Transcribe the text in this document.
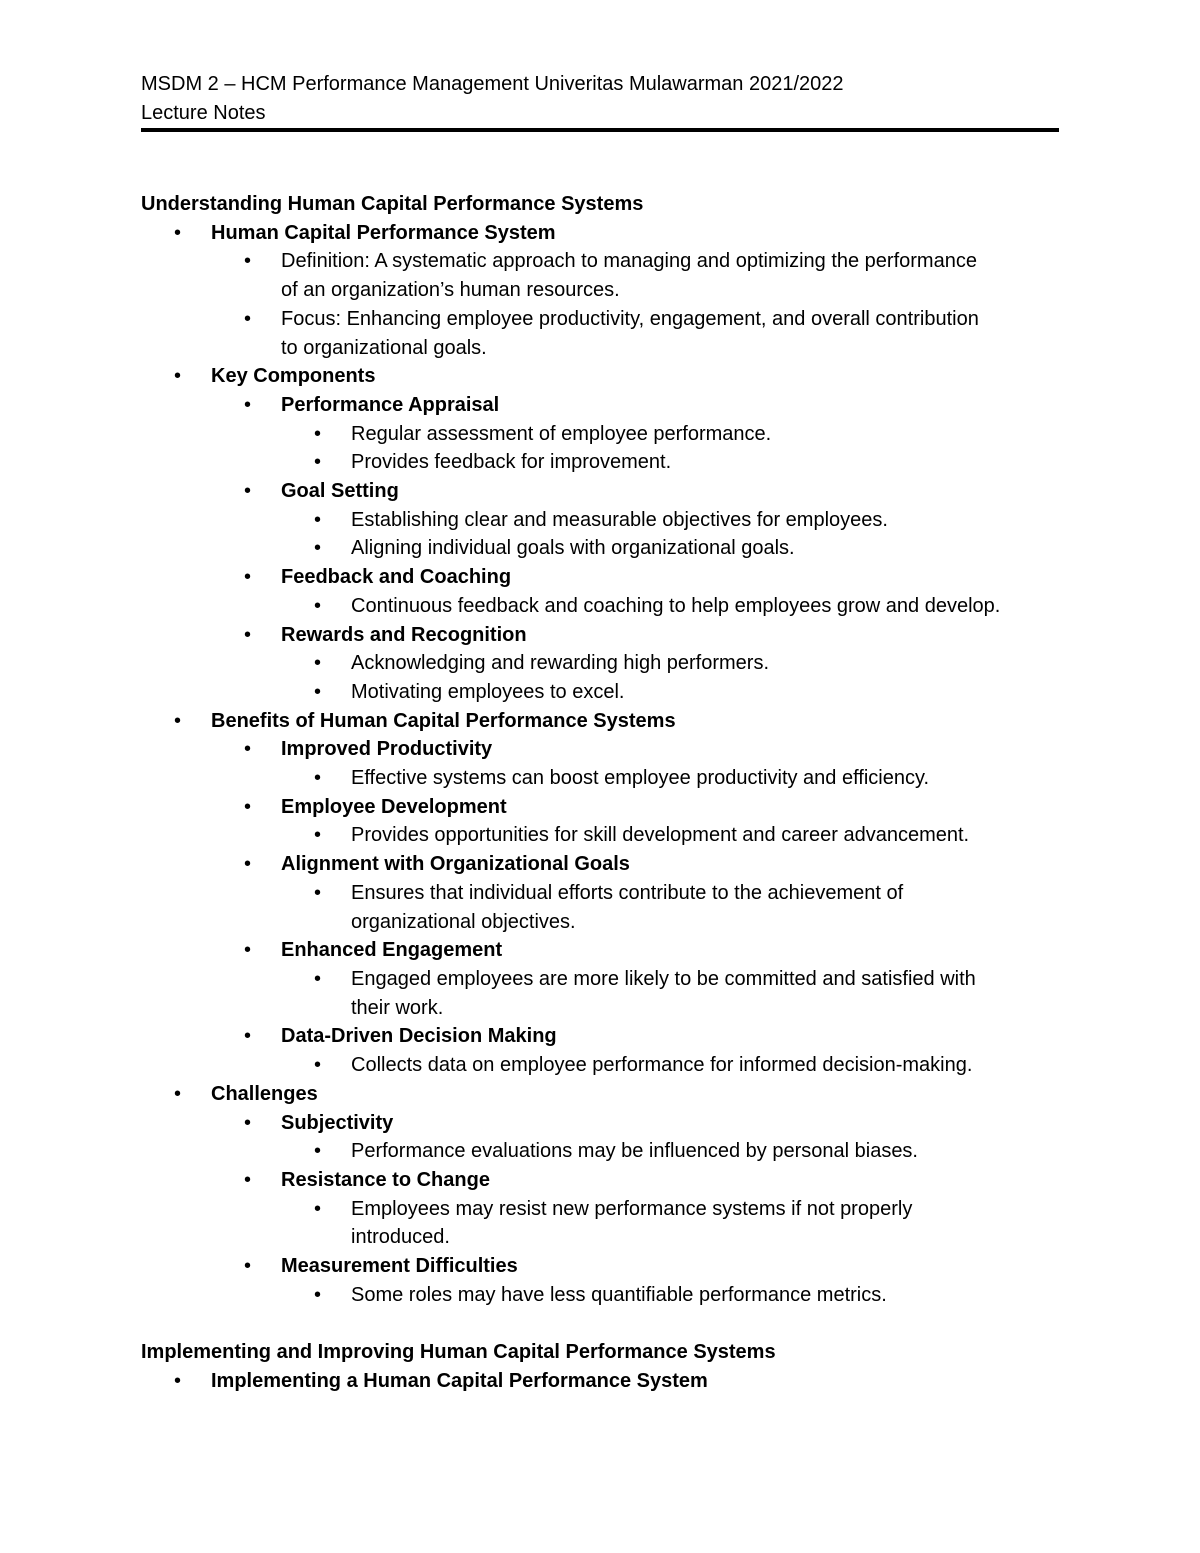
MSDM 2 – HCM Performance Management Univeritas Mulawarman 2021/2022
Lecture Notes
Understanding Human Capital Performance Systems
• Human Capital Performance System
• Definition: A systematic approach to managing and optimizing the performance
of an organization’s human resources.
• Focus: Enhancing employee productivity, engagement, and overall contribution
to organizational goals.
• Key Components
• Performance Appraisal
• Regular assessment of employee performance.
• Provides feedback for improvement.
• Goal Setting
• Establishing clear and measurable objectives for employees.
• Aligning individual goals with organizational goals.
• Feedback and Coaching
• Continuous feedback and coaching to help employees grow and develop.
• Rewards and Recognition
• Acknowledging and rewarding high performers.
• Motivating employees to excel.
• Benefits of Human Capital Performance Systems
• Improved Productivity
• Effective systems can boost employee productivity and efficiency.
• Employee Development
• Provides opportunities for skill development and career advancement.
• Alignment with Organizational Goals
• Ensures that individual efforts contribute to the achievement of
organizational objectives.
• Enhanced Engagement
• Engaged employees are more likely to be committed and satisfied with
their work.
• Data-Driven Decision Making
• Collects data on employee performance for informed decision-making.
• Challenges
• Subjectivity
• Performance evaluations may be influenced by personal biases.
• Resistance to Change
• Employees may resist new performance systems if not properly
introduced.
• Measurement Difficulties
• Some roles may have less quantifiable performance metrics.
Implementing and Improving Human Capital Performance Systems
• Implementing a Human Capital Performance System
